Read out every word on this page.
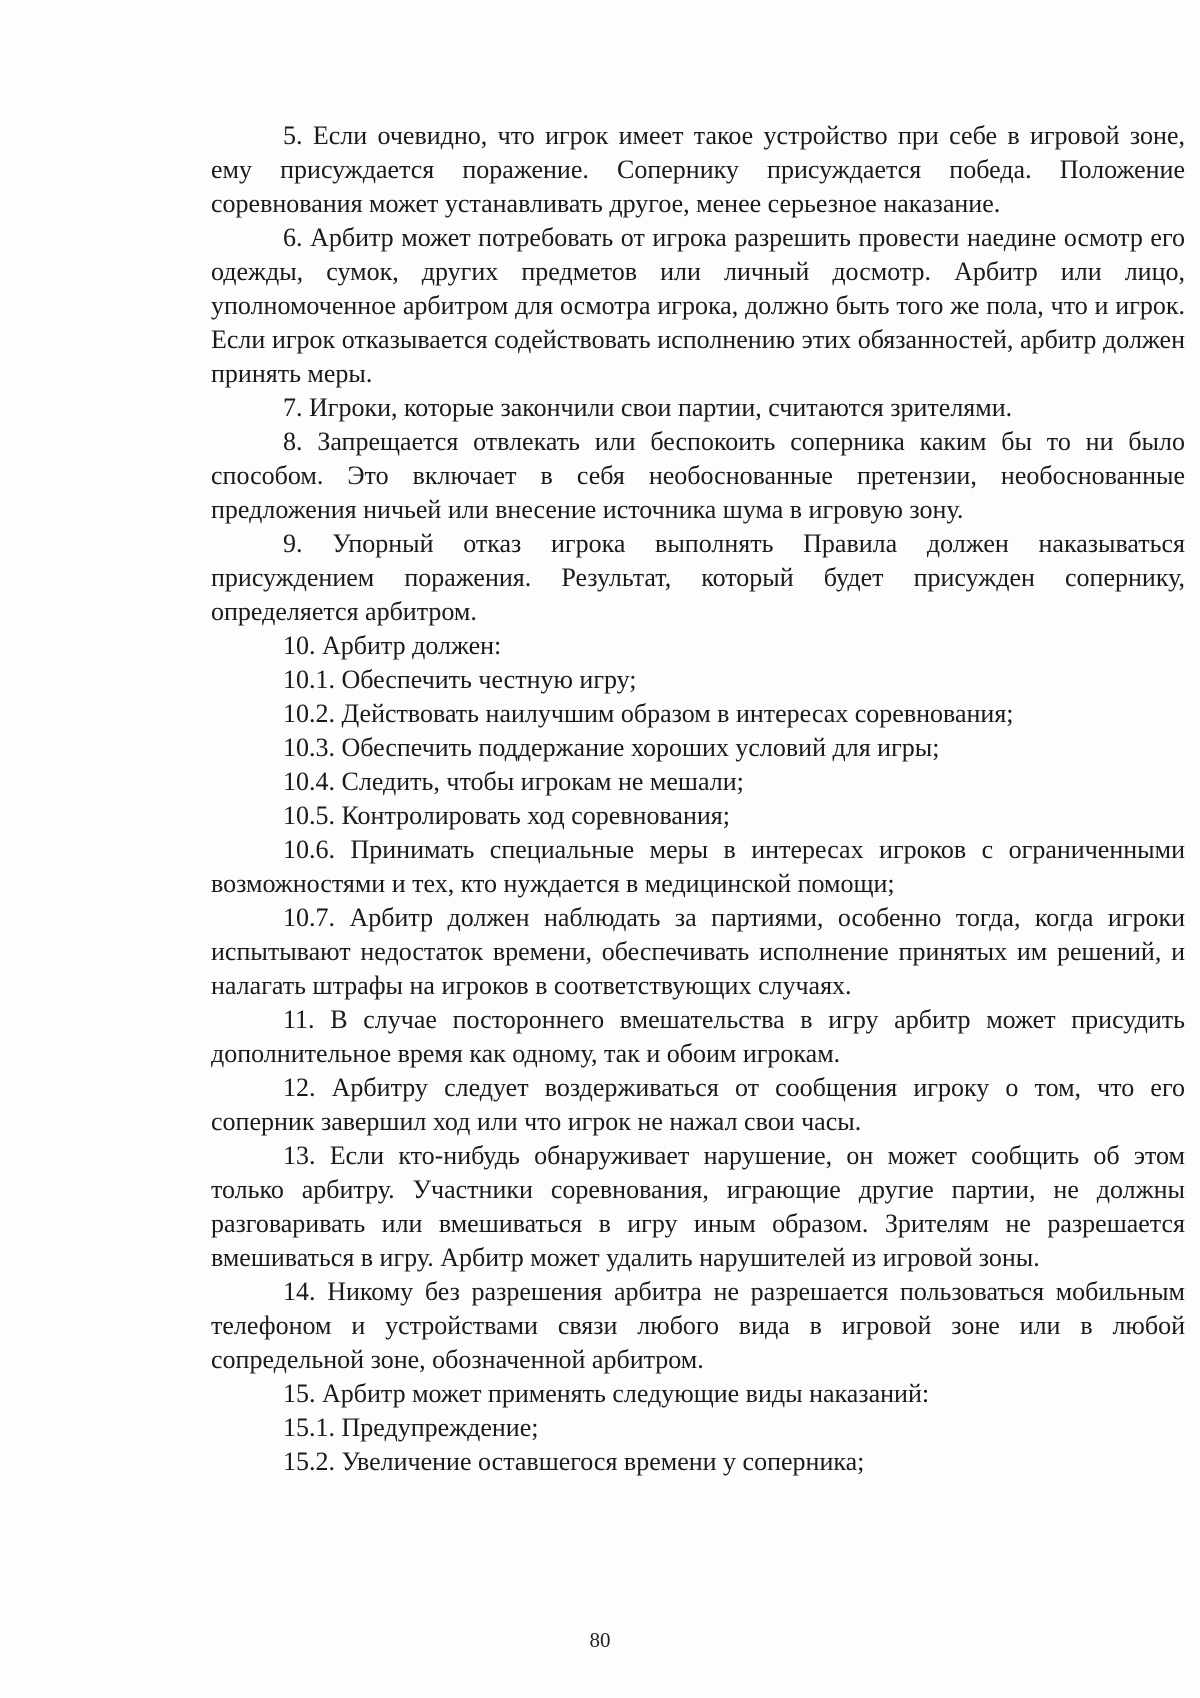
5. Если очевидно, что игрок имеет такое устройство при себе в игровой зоне, ему присуждается поражение. Сопернику присуждается победа. Положение соревнования может устанавливать другое, менее серьезное наказание.

6. Арбитр может потребовать от игрока разрешить провести наедине осмотр его одежды, сумок, других предметов или личный досмотр. Арбитр или лицо, уполномоченное арбитром для осмотра игрока, должно быть того же пола, что и игрок. Если игрок отказывается содействовать исполнению этих обязанностей, арбитр должен принять меры.

7. Игроки, которые закончили свои партии, считаются зрителями.

8. Запрещается отвлекать или беспокоить соперника каким бы то ни было способом. Это включает в себя необоснованные претензии, необоснованные предложения ничьей или внесение источника шума в игровую зону.

9. Упорный отказ игрока выполнять Правила должен наказываться присуждением поражения. Результат, который будет присужден сопернику, определяется арбитром.

10. Арбитр должен:

10.1. Обеспечить честную игру;

10.2. Действовать наилучшим образом в интересах соревнования;

10.3. Обеспечить поддержание хороших условий для игры;

10.4. Следить, чтобы игрокам не мешали;

10.5. Контролировать ход соревнования;

10.6. Принимать специальные меры в интересах игроков с ограниченными возможностями и тех, кто нуждается в медицинской помощи;

10.7. Арбитр должен наблюдать за партиями, особенно тогда, когда игроки испытывают недостаток времени, обеспечивать исполнение принятых им решений, и налагать штрафы на игроков в соответствующих случаях.

11. В случае постороннего вмешательства в игру арбитр может присудить дополнительное время как одному, так и обоим игрокам.

12. Арбитру следует воздерживаться от сообщения игроку о том, что его соперник завершил ход или что игрок не нажал свои часы.

13. Если кто-нибудь обнаруживает нарушение, он может сообщить об этом только арбитру. Участники соревнования, играющие другие партии, не должны разговаривать или вмешиваться в игру иным образом. Зрителям не разрешается вмешиваться в игру. Арбитр может удалить нарушителей из игровой зоны.

14. Никому без разрешения арбитра не разрешается пользоваться мобильным телефоном и устройствами связи любого вида в игровой зоне или в любой сопредельной зоне, обозначенной арбитром.

15. Арбитр может применять следующие виды наказаний:

15.1. Предупреждение;

15.2. Увеличение оставшегося времени у соперника;

80
